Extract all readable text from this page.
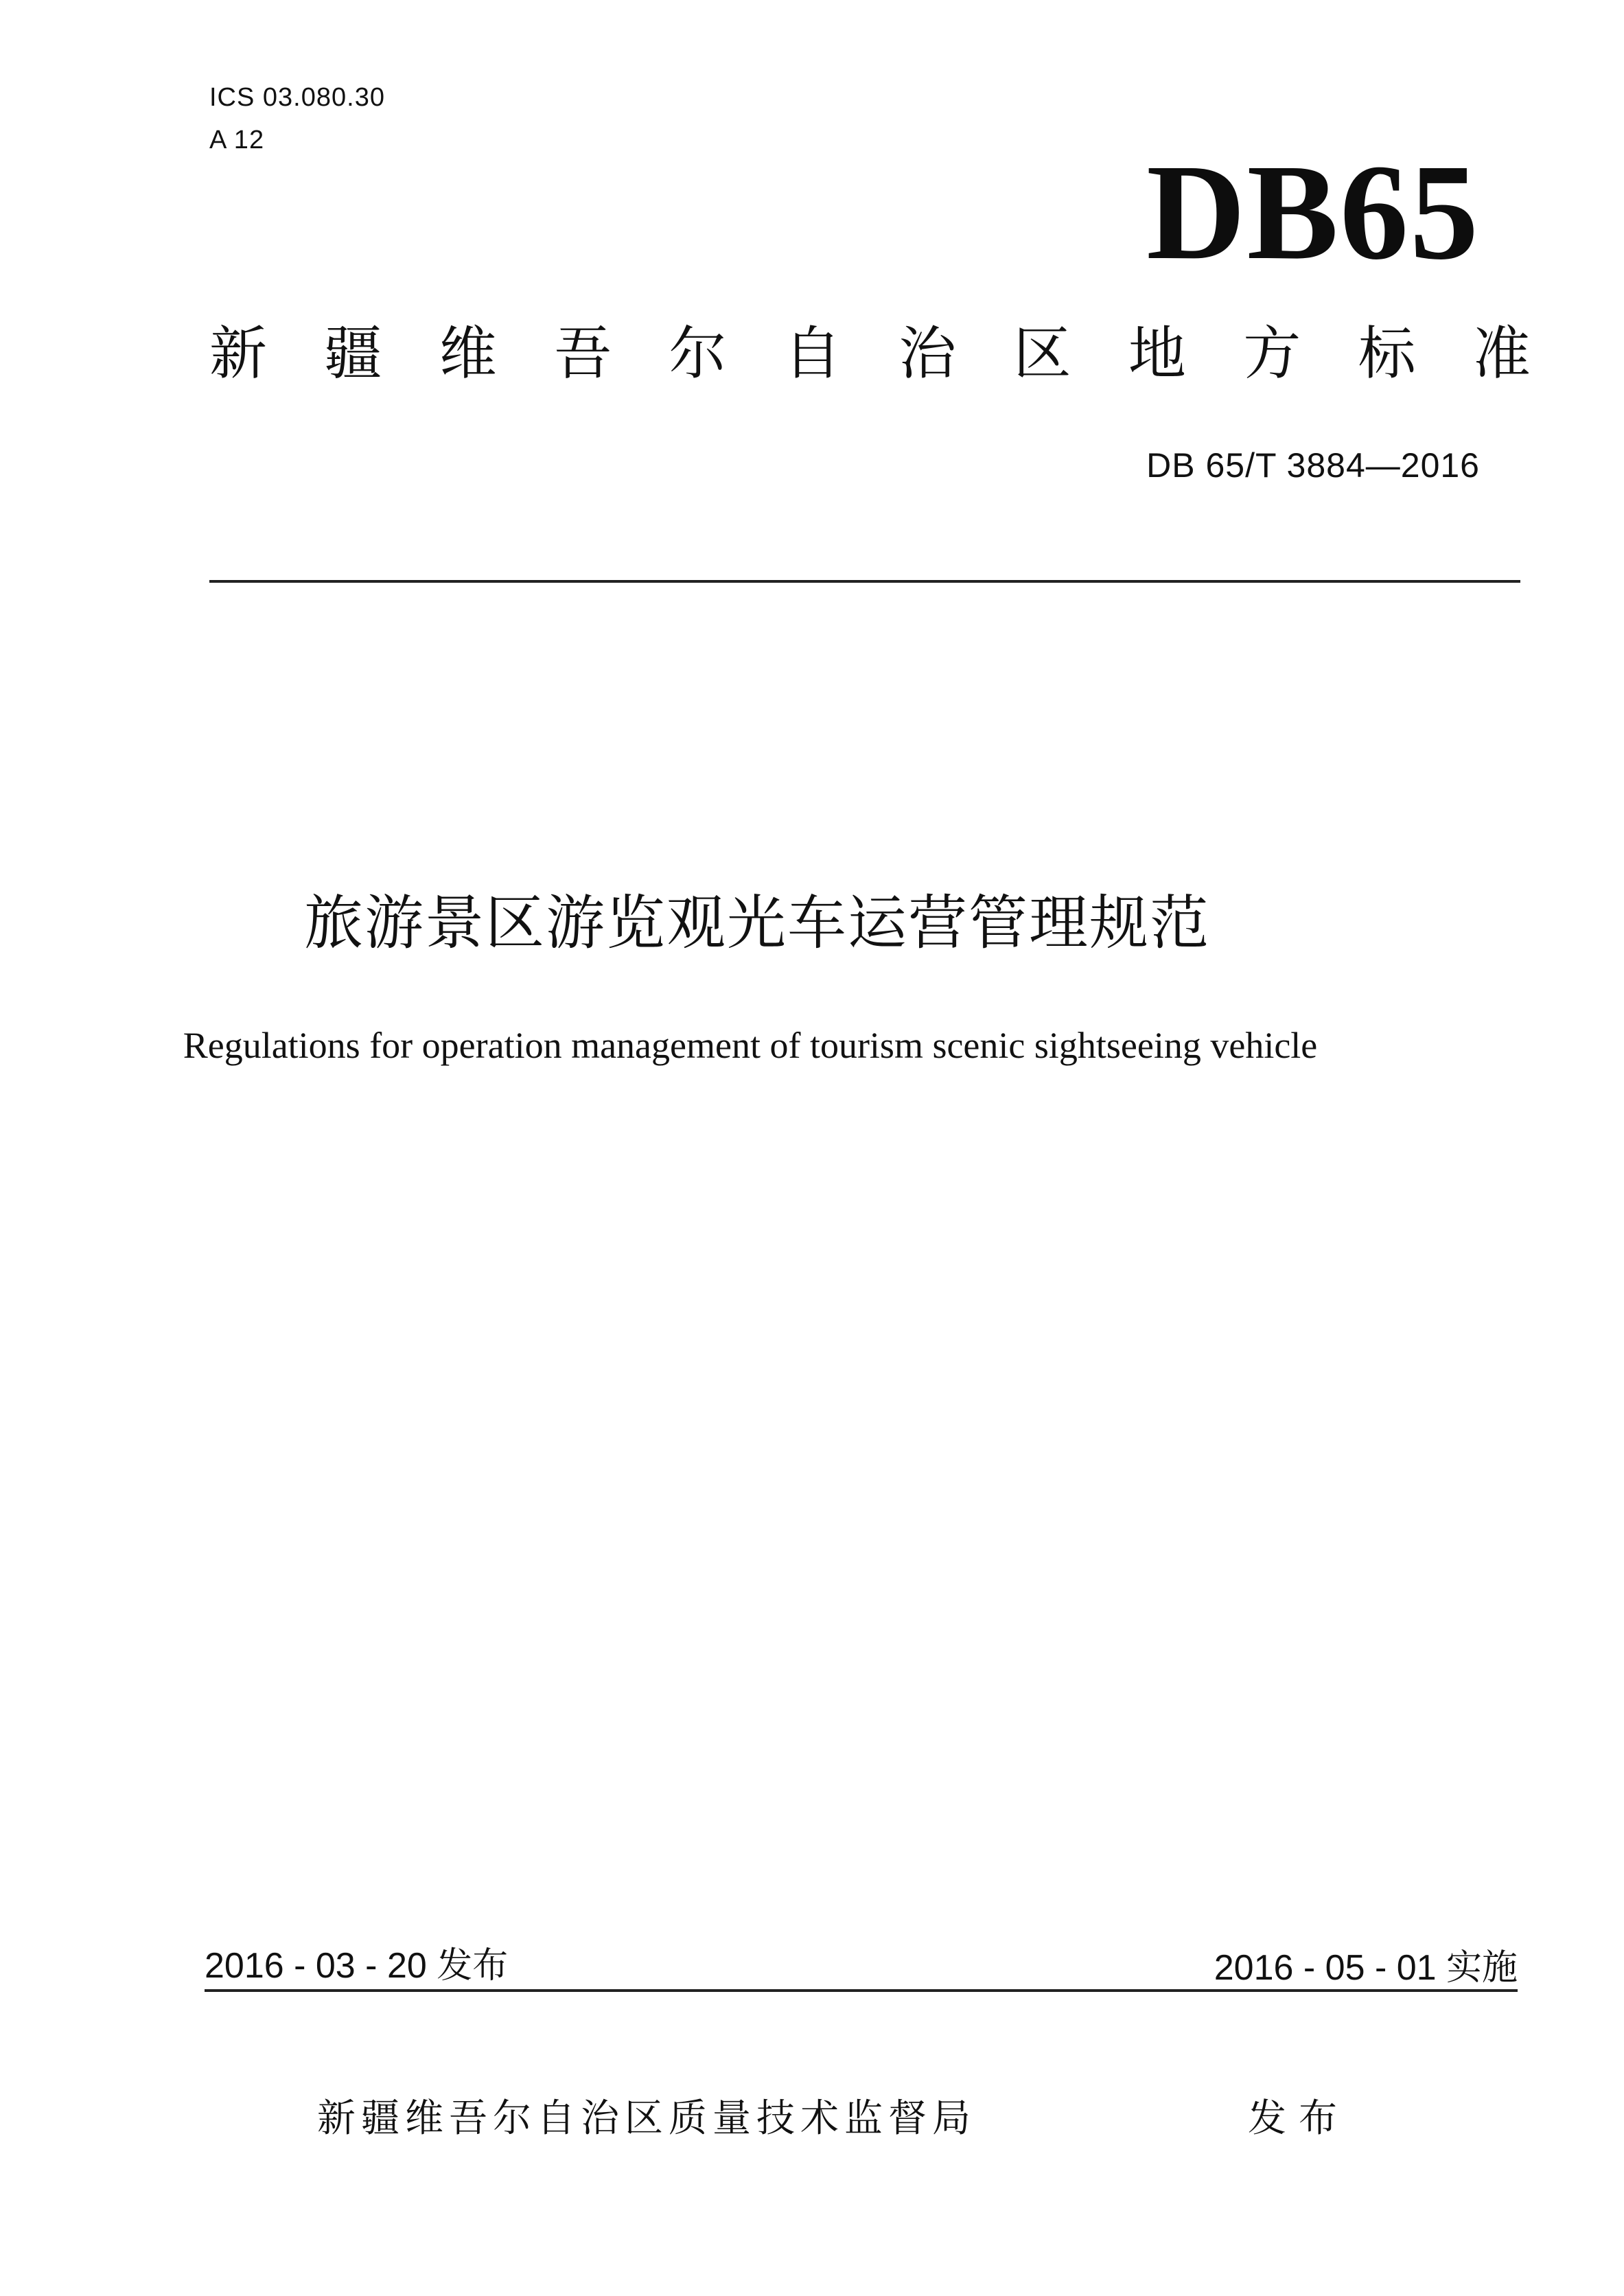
ICS 03.080.30
A 12	DB65
新 疆 维 吾 尔 自 治 区 地 方 标 准
DB 65/T 3884—2016
旅游景区游览观光车运营管理规范
Regulations for operation management of tourism scenic sightseeing vehicle
2016 - 03 - 20 发布	2016 - 05 - 01 实施
新疆维吾尔自治区质量技术监督局	发布
